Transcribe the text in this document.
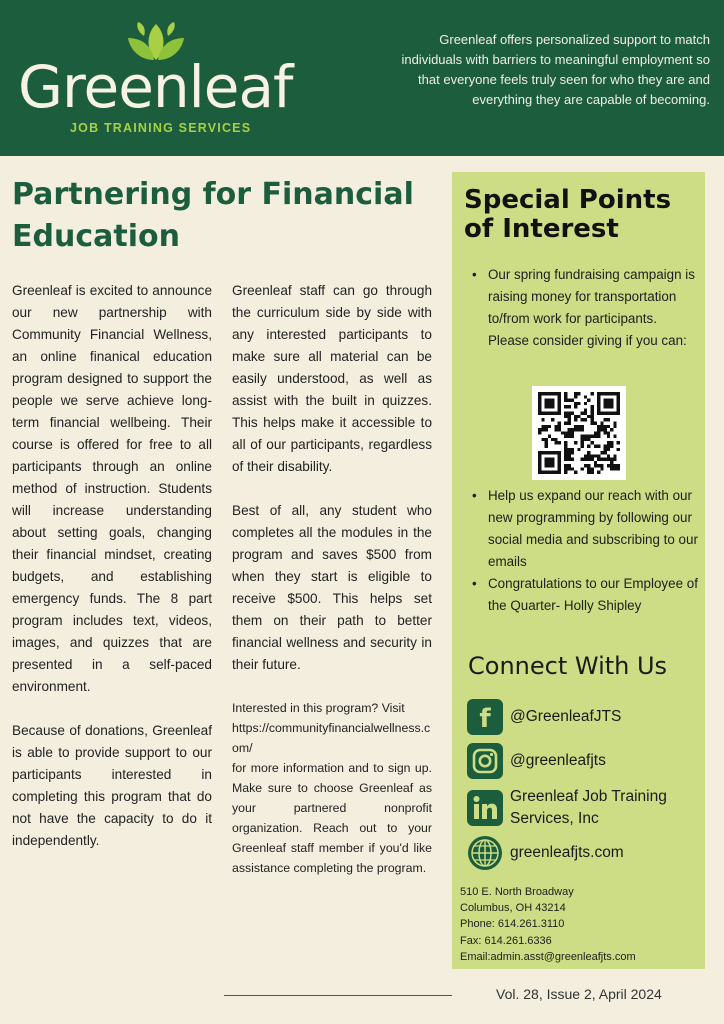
Greenleaf
JOB TRAINING SERVICES
Greenleaf offers personalized support to match individuals with barriers to meaningful employment so that everyone feels truly seen for who they are and everything they are capable of becoming.
Partnering for Financial Education

Greenleaf is excited to announce our new partnership with Community Financial Wellness, an online finanical education program designed to support the people we serve achieve long-term financial wellbeing. Their course is offered for free to all participants through an online method of instruction. Students will increase understanding about setting goals, changing their financial mindset, creating budgets, and establishing emergency funds. The 8 part program includes text, videos, images, and quizzes that are presented in a self-paced environment.

Because of donations, Greenleaf is able to provide support to our participants interested in completing this program that do not have the capacity to do it independently.

Greenleaf staff can go through the curriculum side by side with any interested participants to make sure all material can be easily understood, as well as assist with the built in quizzes. This helps make it accessible to all of our participants, regardless of their disability.

Best of all, any student who completes all the modules in the program and saves $500 from when they start is eligible to receive $500. This helps set them on their path to better financial wellness and security in their future.

Interested in this program? Visit
https://communityfinancialwellness.com/
for more information and to sign up. Make sure to choose Greenleaf as your partnered nonprofit organization. Reach out to your Greenleaf staff member if you'd like assistance completing the program.

Special Points of Interest
• Our spring fundraising campaign is raising money for transportation to/from work for participants. Please consider giving if you can:
• Help us expand our reach with our new programming by following our social media and subscribing to our emails
• Congratulations to our Employee of the Quarter- Holly Shipley
Connect With Us
f @GreenleafJTS
@greenleafjts
Greenleaf Job Training Services, Inc
greenleafjts.com
510 E. North Broadway
Columbus, OH 43214
Phone: 614.261.3110
Fax: 614.261.6336
Email:admin.asst@greenleafjts.com
Vol. 28, Issue 2, April 2024
